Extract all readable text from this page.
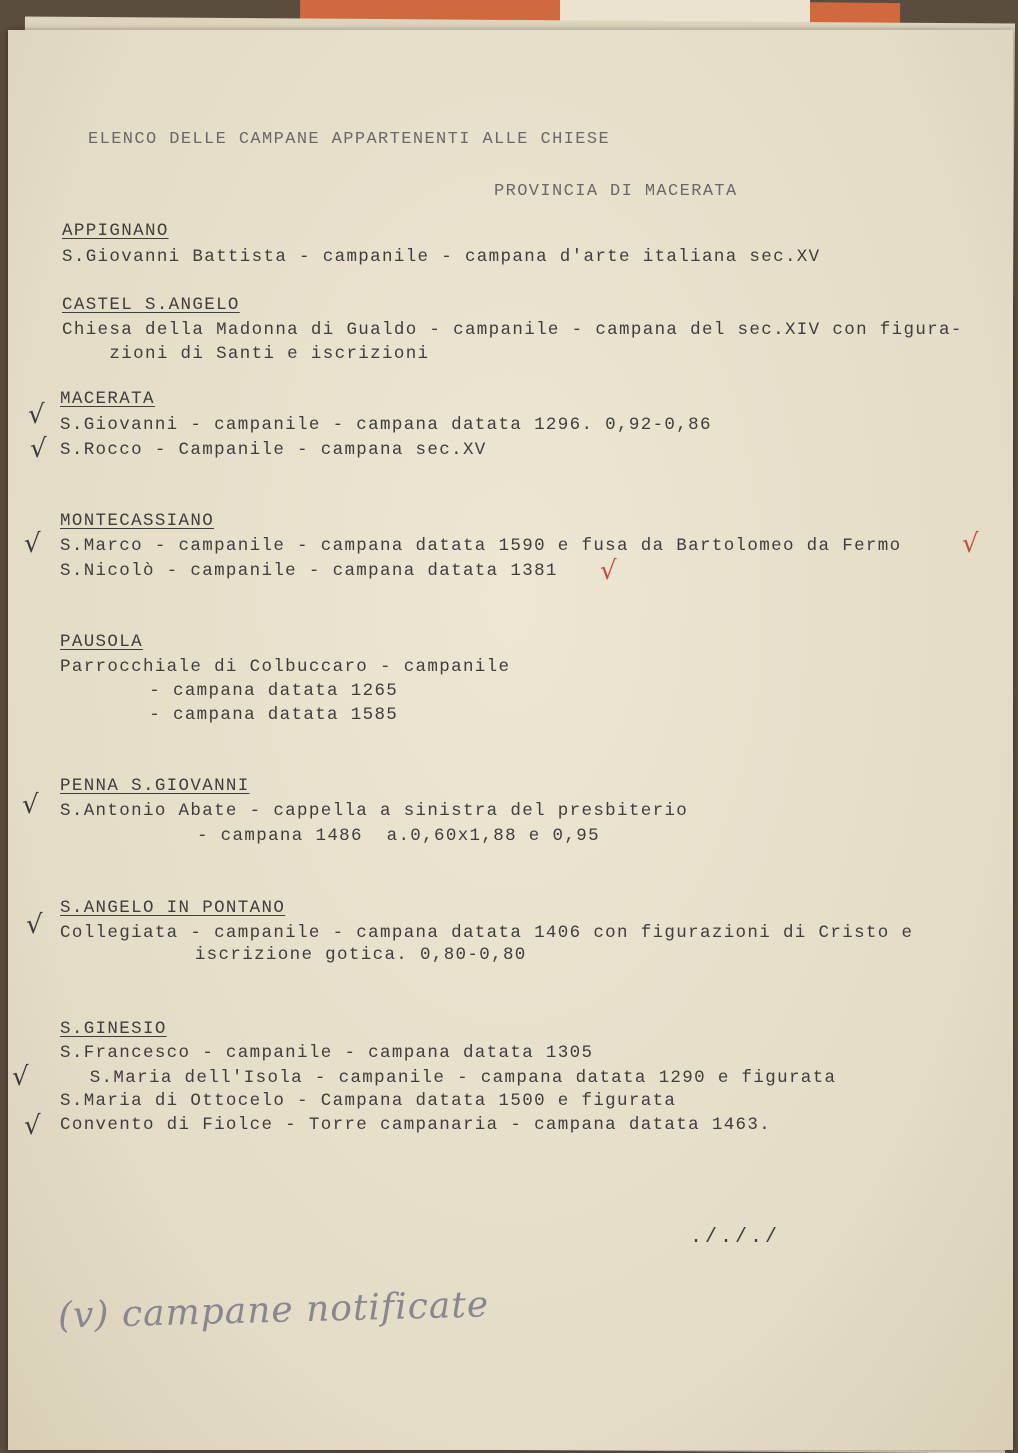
ELENCO DELLE CAMPANE APPARTENENTI ALLE CHIESE
PROVINCIA DI MACERATA
APPIGNANO
S.Giovanni Battista - campanile - campana d'arte italiana sec.XV
CASTEL S.ANGELO
Chiesa della Madonna di Gualdo - campanile - campana del sec.XIV con figura-
zioni di Santi e iscrizioni
MACERATA
√ S.Giovanni - campanile - campana datata 1296. 0,92-0,86
√ S.Rocco - Campanile - campana sec.XV
MONTECASSIANO
√ S.Marco - campanile - campana datata 1590 e fusa da Bartolomeo da Fermo √
S.Nicolò - campanile - campana datata 1381 √
PAUSOLA
Parrocchiale di Colbuccaro - campanile
- campana datata 1265
- campana datata 1585
PENNA S.GIOVANNI
√ S.Antonio Abate - cappella a sinistra del presbiterio
- campana 1486  a.0,60x1,88 e 0,95
S.ANGELO IN PONTANO
√ Collegiata - campanile - campana datata 1406 con figurazioni di Cristo e
iscrizione gotica. 0,80-0,80
S.GINESIO
S.Francesco - campanile - campana datata 1305
√ S.Maria dell'Isola - campanile - campana datata 1290 e figurata
S.Maria di Ottocelo - Campana datata 1500 e figurata
√ Convento di Fiolce - Torre campanaria - campana datata 1463.
./././
(v) campane notificate
